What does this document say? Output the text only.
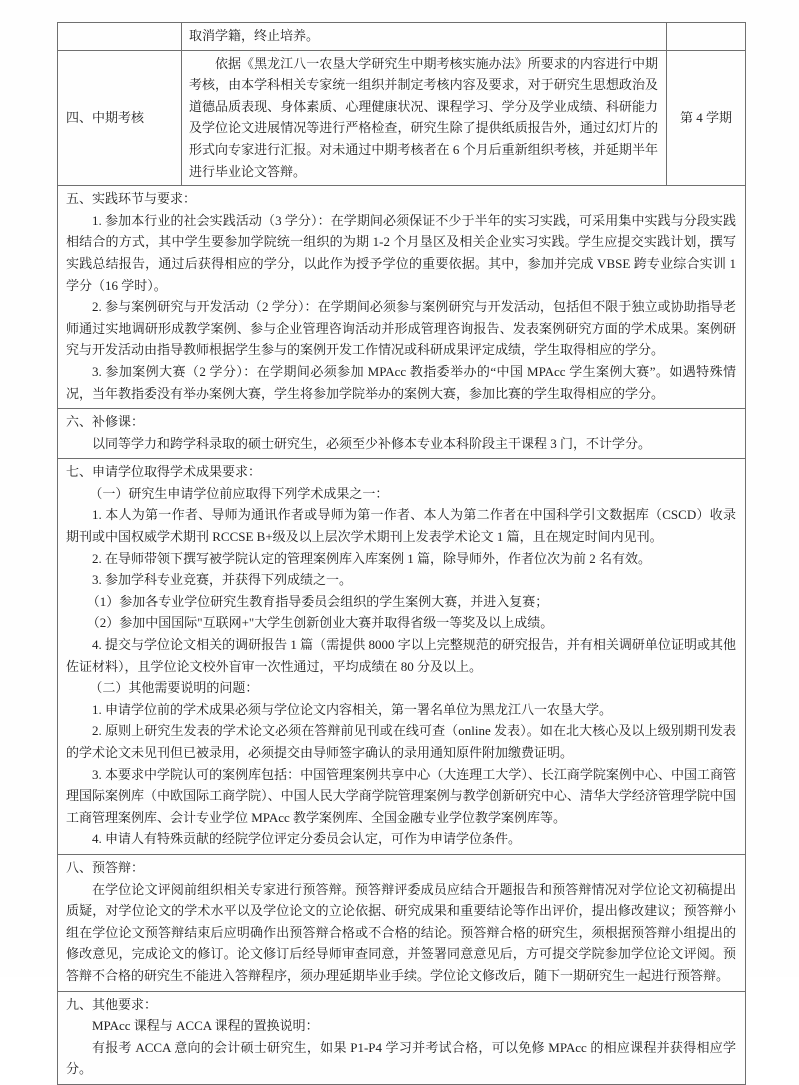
取消学籍，终止培养。

四、中期考核

依据《黑龙江八一农垦大学研究生中期考核实施办法》所要求的内容进行中期考核，由本学科相关专家统一组织并制定考核内容及要求，对于研究生思想政治及道德品质表现、身体素质、心理健康状况、课程学习、学分及学业成绩、科研能力及学位论文进展情况等进行严格检查，研究生除了提供纸质报告外，通过幻灯片的形式向专家进行汇报。对未通过中期考核者在 6 个月后重新组织考核，并延期半年进行毕业论文答辩。

第 4 学期

五、实践环节与要求：

1. 参加本行业的社会实践活动（3 学分）：在学期间必须保证不少于半年的实习实践，可采用集中实践与分段实践相结合的方式，其中学生要参加学院统一组织的为期 1-2 个月垦区及相关企业实习实践。学生应提交实践计划，撰写实践总结报告，通过后获得相应的学分，以此作为授予学位的重要依据。其中，参加并完成 VBSE 跨专业综合实训 1 学分（16 学时）。

2. 参与案例研究与开发活动（2 学分）：在学期间必须参与案例研究与开发活动，包括但不限于独立或协助指导老师通过实地调研形成教学案例、参与企业管理咨询活动并形成管理咨询报告、发表案例研究方面的学术成果。案例研究与开发活动由指导教师根据学生参与的案例开发工作情况或科研成果评定成绩，学生取得相应的学分。

3. 参加案例大赛（2 学分）：在学期间必须参加 MPAcc 教指委举办的“中国 MPAcc 学生案例大赛”。如遇特殊情况，当年教指委没有举办案例大赛，学生将参加学院举办的案例大赛，参加比赛的学生取得相应的学分。

六、补修课：

以同等学力和跨学科录取的硕士研究生，必须至少补修本专业本科阶段主干课程 3 门，不计学分。

七、申请学位取得学术成果要求：

（一）研究生申请学位前应取得下列学术成果之一：

1. 本人为第一作者、导师为通讯作者或导师为第一作者、本人为第二作者在中国科学引文数据库（CSCD）收录期刊或中国权威学术期刊 RCCSE B+级及以上层次学术期刊上发表学术论文 1 篇，且在规定时间内见刊。

2. 在导师带领下撰写被学院认定的管理案例库入库案例 1 篇，除导师外，作者位次为前 2 名有效。

3. 参加学科专业竞赛，并获得下列成绩之一。

（1）参加各专业学位研究生教育指导委员会组织的学生案例大赛，并进入复赛；

（2）参加中国国际"互联网+"大学生创新创业大赛并取得省级一等奖及以上成绩。

4. 提交与学位论文相关的调研报告 1 篇（需提供 8000 字以上完整规范的研究报告，并有相关调研单位证明或其他佐证材料），且学位论文校外盲审一次性通过，平均成绩在 80 分及以上。

（二）其他需要说明的问题：

1. 申请学位前的学术成果必须与学位论文内容相关，第一署名单位为黑龙江八一农垦大学。

2. 原则上研究生发表的学术论文必须在答辩前见刊或在线可查（online 发表）。如在北大核心及以上级别期刊发表的学术论文未见刊但已被录用，必须提交由导师签字确认的录用通知原件附加缴费证明。

3. 本要求中学院认可的案例库包括：中国管理案例共享中心（大连理工大学）、长江商学院案例中心、中国工商管理国际案例库（中欧国际工商学院）、中国人民大学商学院管理案例与教学创新研究中心、清华大学经济管理学院中国工商管理案例库、会计专业学位 MPAcc 教学案例库、全国金融专业学位教学案例库等。

4. 申请人有特殊贡献的经院学位评定分委员会认定，可作为申请学位条件。

八、预答辩：

在学位论文评阅前组织相关专家进行预答辩。预答辩评委成员应结合开题报告和预答辩情况对学位论文初稿提出质疑，对学位论文的学术水平以及学位论文的立论依据、研究成果和重要结论等作出评价，提出修改建议；预答辩小组在学位论文预答辩结束后应明确作出预答辩合格或不合格的结论。预答辩合格的研究生，须根据预答辩小组提出的修改意见，完成论文的修订。论文修订后经导师审查同意，并签署同意意见后，方可提交学院参加学位论文评阅。预答辩不合格的研究生不能进入答辩程序，须办理延期毕业手续。学位论文修改后，随下一期研究生一起进行预答辩。

九、其他要求：

MPAcc 课程与 ACCA 课程的置换说明：

有报考 ACCA 意向的会计硕士研究生，如果 P1-P4 学习并考试合格，可以免修 MPAcc 的相应课程并获得相应学分。
